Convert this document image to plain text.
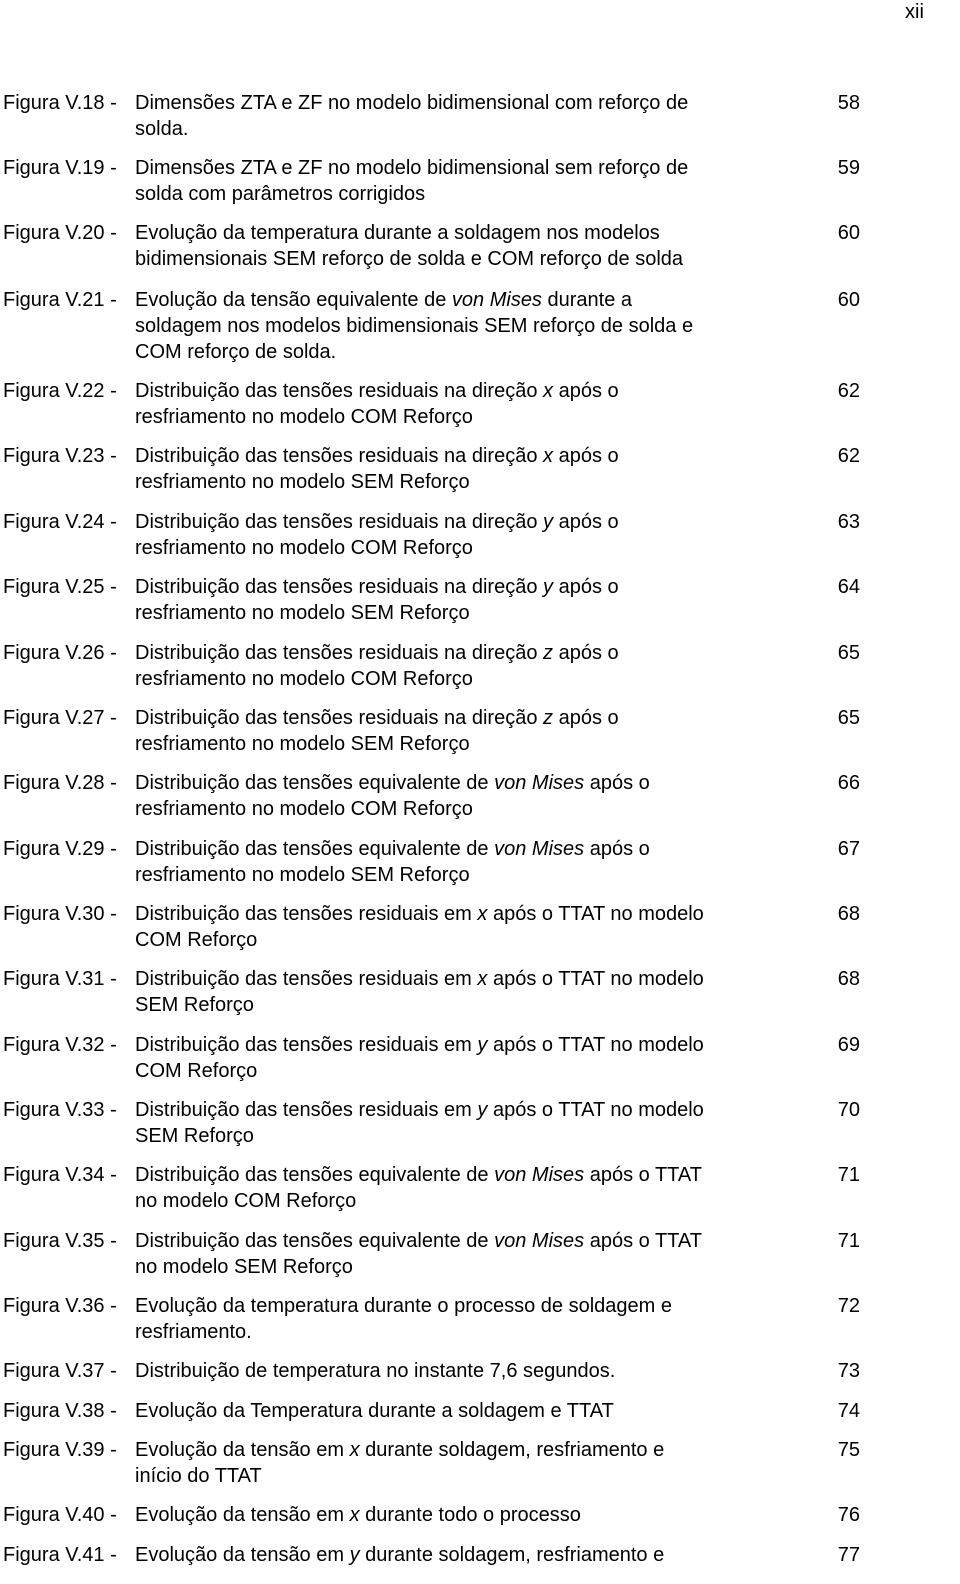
xii
Figura V.18 - Dimensões ZTA e ZF no modelo bidimensional com reforço de
solda.
58
Figura V.19 - Dimensões ZTA e ZF no modelo bidimensional sem reforço de
solda com parâmetros corrigidos
59
Figura V.20 - Evolução da temperatura durante a soldagem nos modelos
bidimensionais SEM reforço de solda e COM reforço de solda
60
Figura V.21 - Evolução da tensão equivalente de von Mises durante a
soldagem nos modelos bidimensionais SEM reforço de solda e
COM reforço de solda.
60
Figura V.22 - Distribuição das tensões residuais na direção x após o
resfriamento no modelo COM Reforço
62
Figura V.23 - Distribuição das tensões residuais na direção x após o
resfriamento no modelo SEM Reforço
62
Figura V.24 - Distribuição das tensões residuais na direção y após o
resfriamento no modelo COM Reforço
63
Figura V.25 - Distribuição das tensões residuais na direção y após o
resfriamento no modelo SEM Reforço
64
Figura V.26 - Distribuição das tensões residuais na direção z após o
resfriamento no modelo COM Reforço
65
Figura V.27 - Distribuição das tensões residuais na direção z após o
resfriamento no modelo SEM Reforço
65
Figura V.28 - Distribuição das tensões equivalente de von Mises após o
resfriamento no modelo COM Reforço
66
Figura V.29 - Distribuição das tensões equivalente de von Mises após o
resfriamento no modelo SEM Reforço
67
Figura V.30 - Distribuição das tensões residuais em x após o TTAT no modelo
COM Reforço
68
Figura V.31 - Distribuição das tensões residuais em x após o TTAT no modelo
SEM Reforço
68
Figura V.32 - Distribuição das tensões residuais em y após o TTAT no modelo
COM Reforço
69
Figura V.33 - Distribuição das tensões residuais em y após o TTAT no modelo
SEM Reforço
70
Figura V.34 - Distribuição das tensões equivalente de von Mises após o TTAT
no modelo COM Reforço
71
Figura V.35 - Distribuição das tensões equivalente de von Mises após o TTAT
no modelo SEM Reforço
71
Figura V.36 - Evolução da temperatura durante o processo de soldagem e
resfriamento.
72
Figura V.37 - Distribuição de temperatura no instante 7,6 segundos.	73
Figura V.38 - Evolução da Temperatura durante a soldagem e TTAT	74
Figura V.39 - Evolução da tensão em x durante soldagem, resfriamento e
início do TTAT
75
Figura V.40 - Evolução da tensão em x durante todo o processo	76
Figura V.41 - Evolução da tensão em y durante soldagem, resfriamento e	77
